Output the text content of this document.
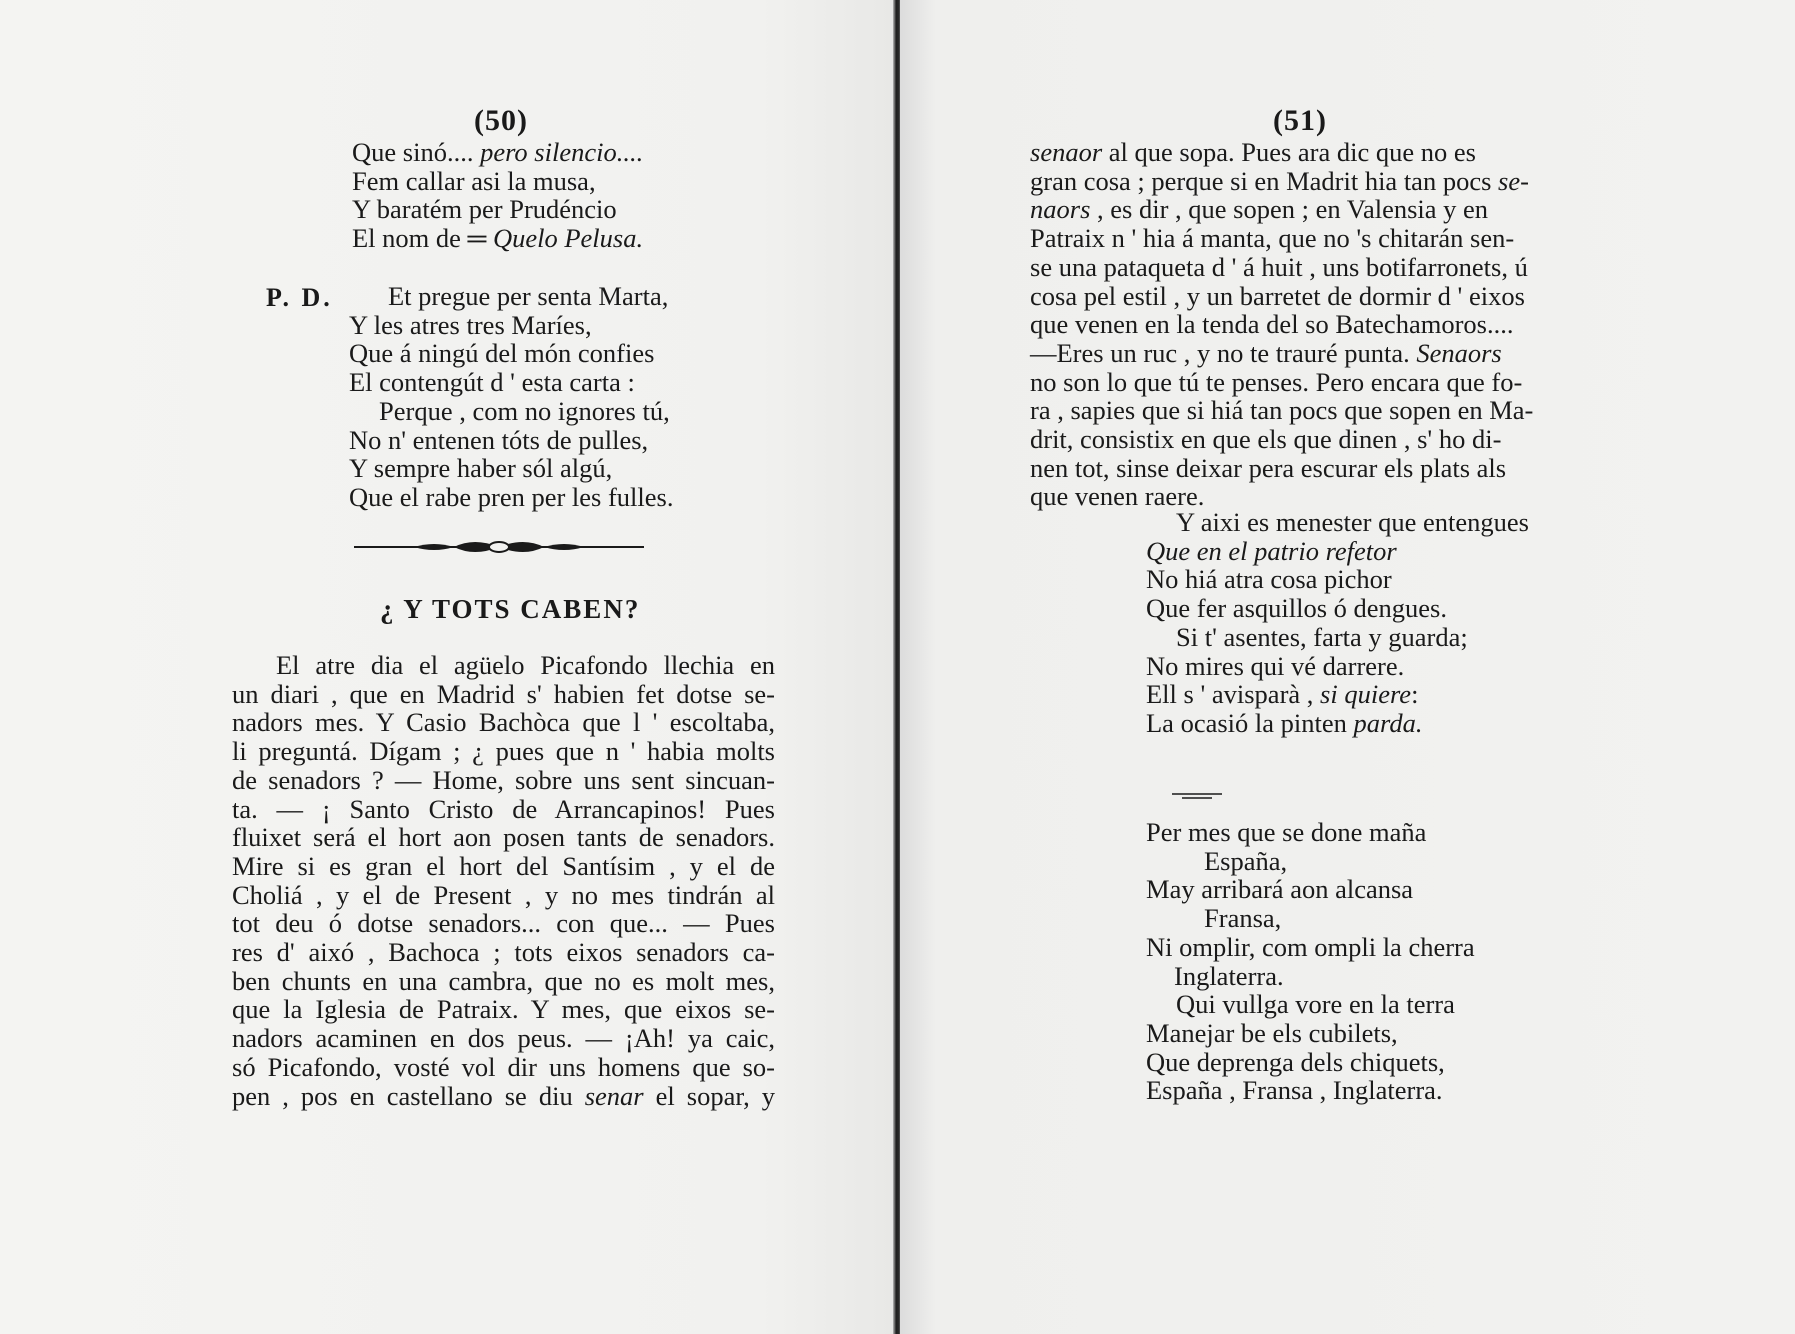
(50)
Que sinó.... pero silencio....
Fem callar asi la musa,
Y baratém per Prudéncio
El nom de ═ Quelo Pelusa.
P. D. Et pregue per senta Marta,
Y les atres tres Maríes,
Que á ningú del món confies
El contengút d ' esta carta :
Perque , com no ignores tú,
No n' entenen tóts de pulles,
Y sempre haber sól algú,
Que el rabe pren per les fulles.
¿ Y TOTS CABEN?
El atre dia el agüelo Picafondo llechia en
un diari , que en Madrid s' habien fet dotse se-
nadors mes. Y Casio Bachòca que l ' escoltaba,
li preguntá. Dígam ; ¿ pues que n ' habia molts
de senadors ? — Home, sobre uns sent sincuan-
ta. — ¡ Santo Cristo de Arrancapinos! Pues
fluixet será el hort aon posen tants de senadors.
Mire si es gran el hort del Santísim , y el de
Choliá , y el de Present , y no mes tindrán al
tot deu ó dotse senadors... con que... — Pues
res d' aixó , Bachoca ; tots eixos senadors ca-
ben chunts en una cambra, que no es molt mes,
que la Iglesia de Patraix. Y mes, que eixos se-
nadors acaminen en dos peus. — ¡Ah! ya caic,
só Picafondo, vosté vol dir uns homens que so-
pen , pos en castellano se diu senar el sopar, y
(51)
senaor al que sopa. Pues ara dic que no es
gran cosa ; perque si en Madrit hia tan pocs se-
naors , es dir , que sopen ; en Valensia y en
Patraix n ' hia á manta, que no 's chitarán sen-
se una pataqueta d ' á huit , uns botifarronets, ú
cosa pel estil , y un barretet de dormir d ' eixos
que venen en la tenda del so Batechamoros....
—Eres un ruc , y no te trauré punta. Senaors
no son lo que tú te penses. Pero encara que fo-
ra , sapies que si hiá tan pocs que sopen en Ma-
drit, consistix en que els que dinen , s' ho di-
nen tot, sinse deixar pera escurar els plats als
que venen raere.
Y aixi es menester que entengues
Que en el patrio refetor
No hiá atra cosa pichor
Que fer asquillos ó dengues.
Si t' asentes, farta y guarda;
No mires qui vé darrere.
Ell s ' avisparà , si quiere:
La ocasió la pinten parda.
Per mes que se done maña
España,
May arribará aon alcansa
Fransa,
Ni omplir, com ompli la cherra
Inglaterra.
Qui vullga vore en la terra
Manejar be els cubilets,
Que deprenga dels chiquets,
España , Fransa , Inglaterra.
